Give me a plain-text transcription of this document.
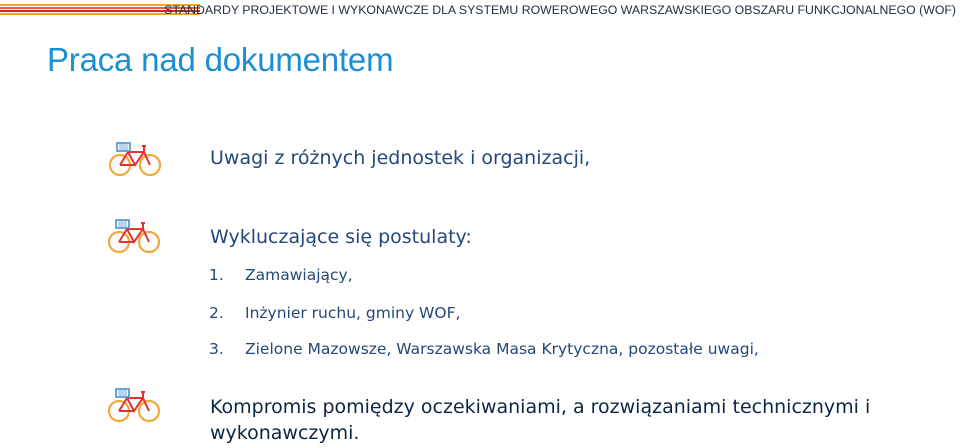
STANDARDY PROJEKTOWE I WYKONAWCZE DLA SYSTEMU ROWEROWEGO WARSZAWSKIEGO OBSZARU FUNKCJONALNEGO (WOF)
Praca nad dokumentem
Uwagi z różnych jednostek i organizacji,
Wykluczające się postulaty:
1. Zamawiający,
2. Inżynier ruchu, gminy WOF,
3. Zielone Mazowsze, Warszawska Masa Krytyczna, pozostałe uwagi,
Kompromis pomiędzy oczekiwaniami, a rozwiązaniami technicznymi i wykonawczymi.
